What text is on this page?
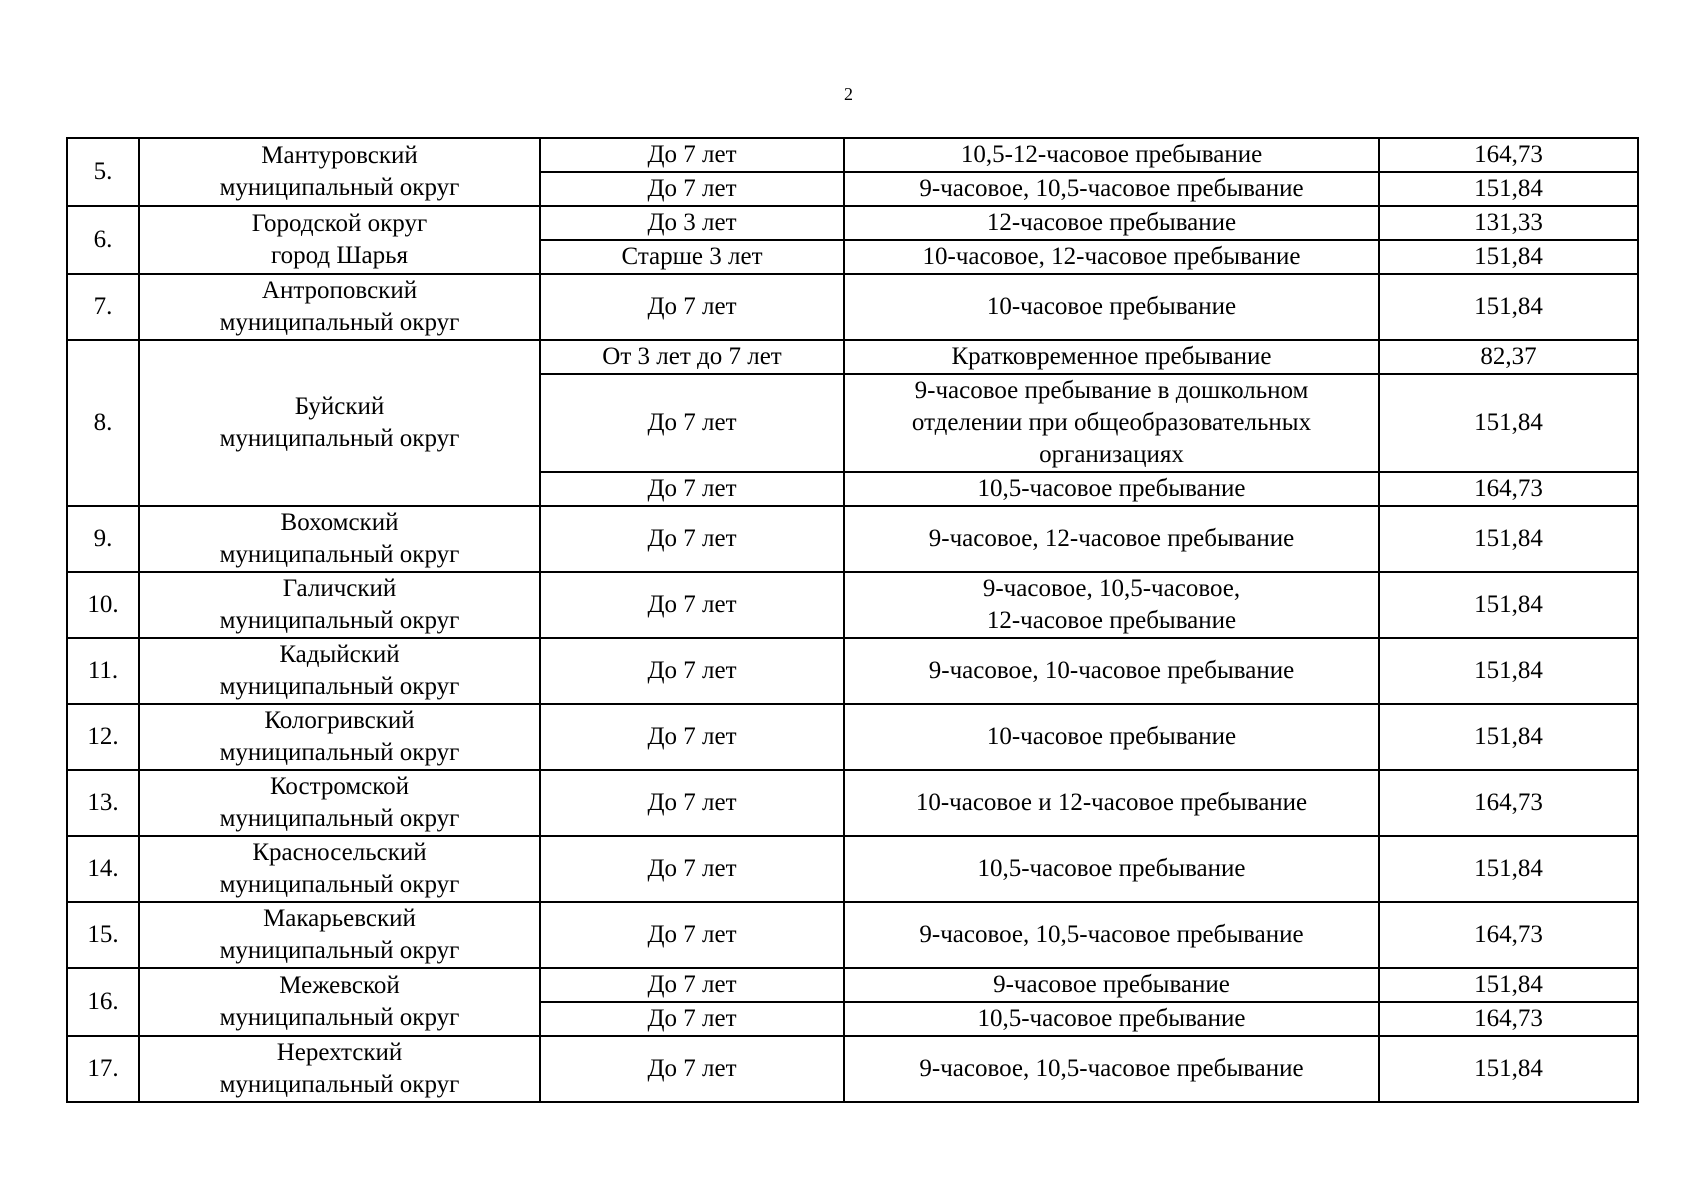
2
5.	Мантуровский
муниципальный округ	До 7 лет	10,5-12-часовое пребывание	164,73
		До 7 лет	9-часовое, 10,5-часовое пребывание	151,84
6.	Городской округ
город Шарья	До 3 лет	12-часовое пребывание	131,33
		Старше 3 лет	10-часовое, 12-часовое пребывание	151,84
7.	Антроповский
муниципальный округ	До 7 лет	10-часовое пребывание	151,84
8.	Буйский
муниципальный округ	От 3 лет до 7 лет	Кратковременное пребывание	82,37
		До 7 лет	9-часовое пребывание в дошкольном
отделении при общеобразовательных
организациях	151,84
		До 7 лет	10,5-часовое пребывание	164,73
9.	Вохомский
муниципальный округ	До 7 лет	9-часовое, 12-часовое пребывание	151,84
10.	Галичский
муниципальный округ	До 7 лет	9-часовое, 10,5-часовое,
12-часовое пребывание	151,84
11.	Кадыйский
муниципальный округ	До 7 лет	9-часовое, 10-часовое пребывание	151,84
12.	Кологривский
муниципальный округ	До 7 лет	10-часовое пребывание	151,84
13.	Костромской
муниципальный округ	До 7 лет	10-часовое и 12-часовое пребывание	164,73
14.	Красносельский
муниципальный округ	До 7 лет	10,5-часовое пребывание	151,84
15.	Макарьевский
муниципальный округ	До 7 лет	9-часовое, 10,5-часовое пребывание	164,73
16.	Межевской
муниципальный округ	До 7 лет	9-часовое пребывание	151,84
		До 7 лет	10,5-часовое пребывание	164,73
17.	Нерехтский
муниципальный округ	До 7 лет	9-часовое, 10,5-часовое пребывание	151,84
